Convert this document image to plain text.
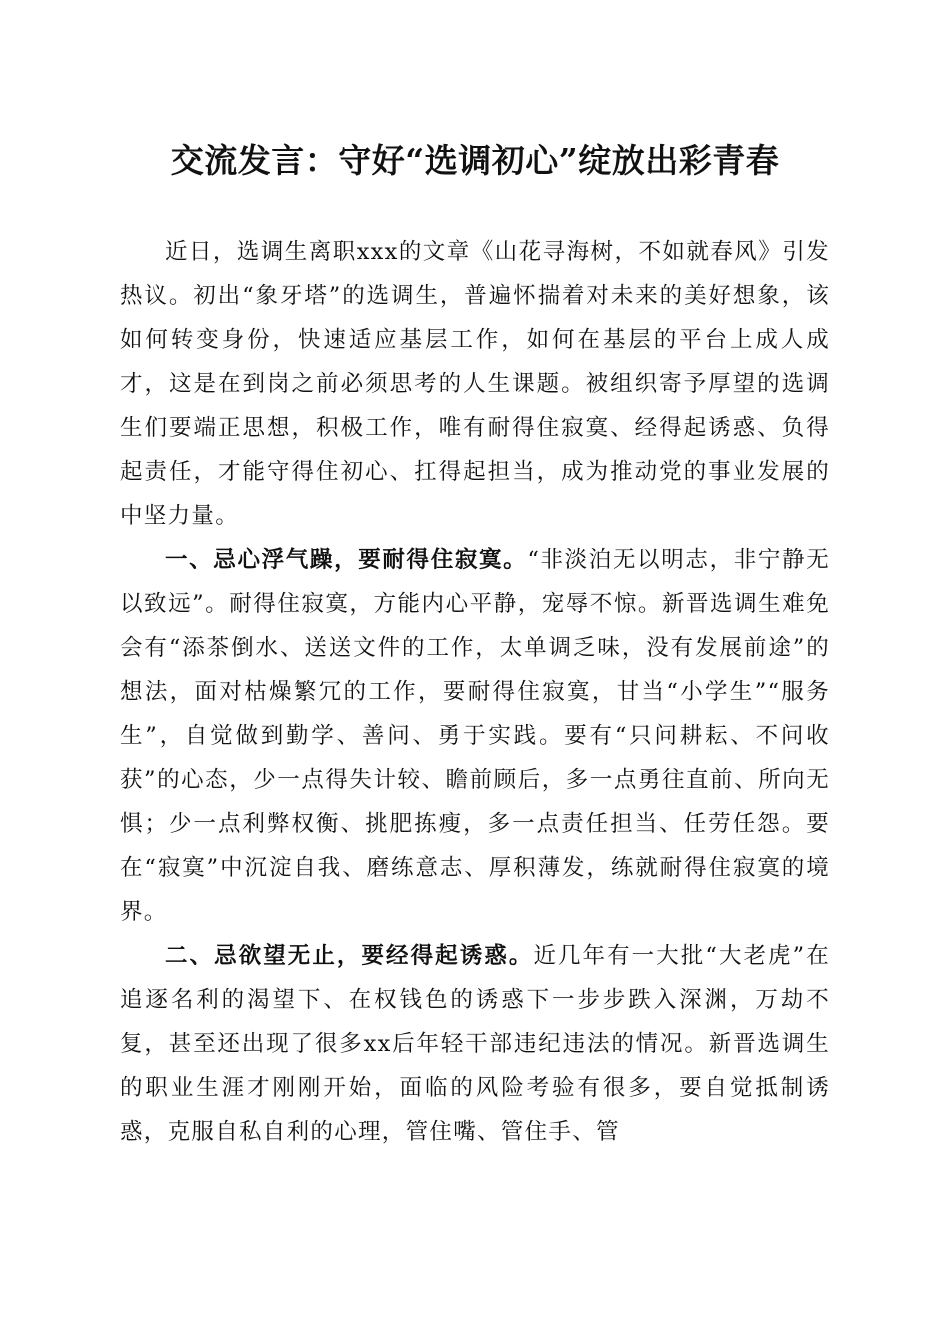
交流发言：守好“选调初心”绽放出彩青春

近日，选调生离职xxx的文章《山花寻海树，不如就春风》引发热议。初出“象牙塔”的选调生，普遍怀揣着对未来的美好想象，该如何转变身份，快速适应基层工作，如何在基层的平台上成人成才，这是在到岗之前必须思考的人生课题。被组织寄予厚望的选调生们要端正思想，积极工作，唯有耐得住寂寞、经得起诱惑、负得起责任，才能守得住初心、扛得起担当，成为推动党的事业发展的中坚力量。

一、忌心浮气躁，要耐得住寂寞。“非淡泊无以明志，非宁静无以致远”。耐得住寂寞，方能内心平静，宠辱不惊。新晋选调生难免会有“添茶倒水、送送文件的工作，太单调乏味，没有发展前途”的想法，面对枯燥繁冗的工作，要耐得住寂寞，甘当“小学生”“服务生”，自觉做到勤学、善问、勇于实践。要有“只问耕耘、不问收获”的心态，少一点得失计较、瞻前顾后，多一点勇往直前、所向无惧；少一点利弊权衡、挑肥拣瘦，多一点责任担当、任劳任怨。要在“寂寞”中沉淀自我、磨练意志、厚积薄发，练就耐得住寂寞的境界。

二、忌欲望无止，要经得起诱惑。近几年有一大批“大老虎”在追逐名利的渴望下、在权钱色的诱惑下一步步跌入深渊，万劫不复，甚至还出现了很多xx后年轻干部违纪违法的情况。新晋选调生的职业生涯才刚刚开始，面临的风险考验有很多，要自觉抵制诱惑，克服自私自利的心理，管住嘴、管住手、管
